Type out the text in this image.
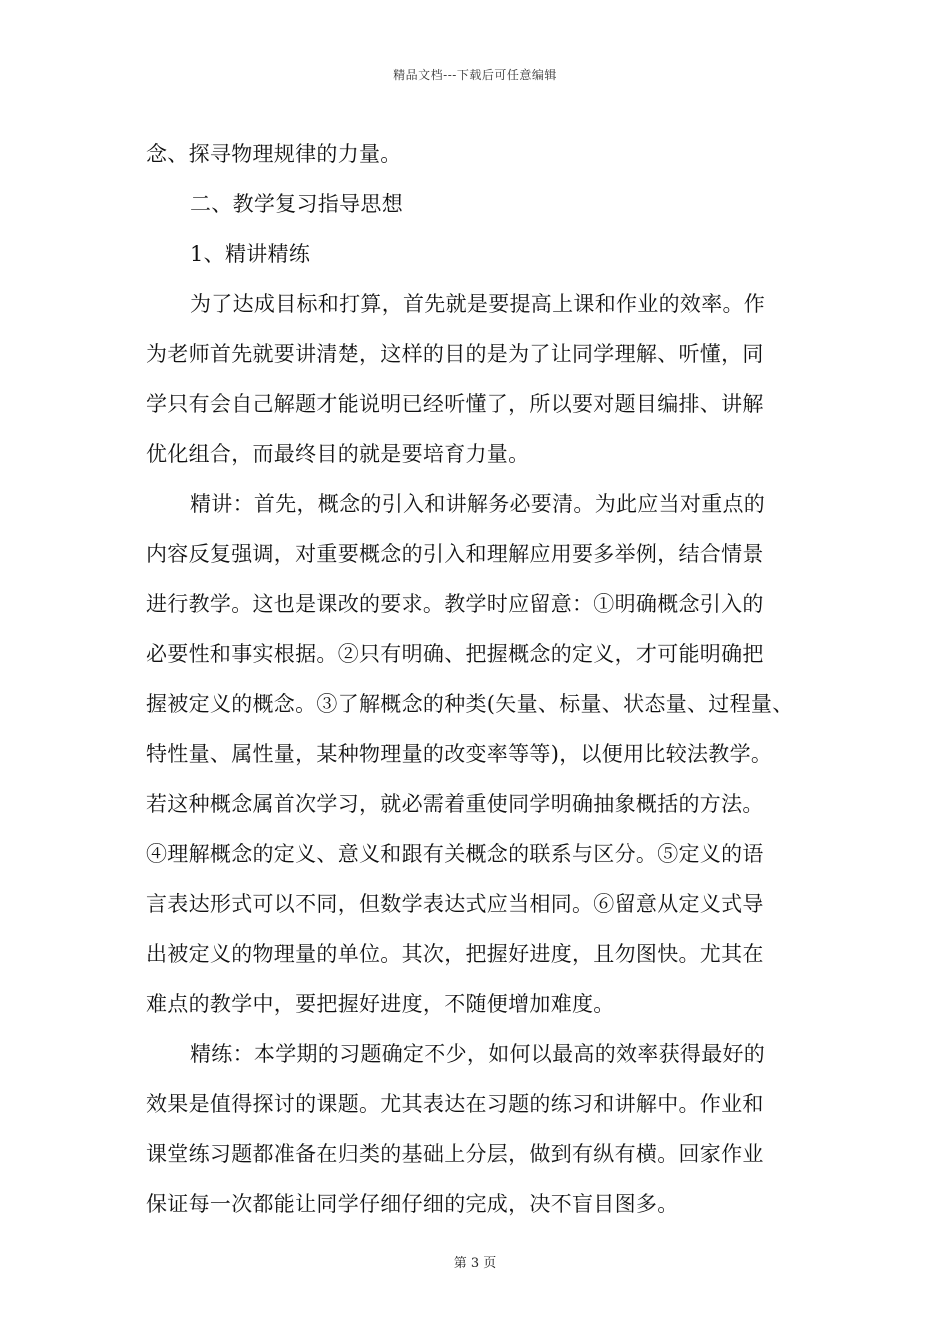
精品文档---下载后可任意编辑
念、探寻物理规律的力量。
二、教学复习指导思想
1、精讲精练
为了达成目标和打算，首先就是要提高上课和作业的效率。作
为老师首先就要讲清楚，这样的目的是为了让同学理解、听懂，同
学只有会自己解题才能说明已经听懂了，所以要对题目编排、讲解
优化组合，而最终目的就是要培育力量。
精讲：首先，概念的引入和讲解务必要清。为此应当对重点的
内容反复强调，对重要概念的引入和理解应用要多举例，结合情景
进行教学。这也是课改的要求。教学时应留意：①明确概念引入的
必要性和事实根据。②只有明确、把握概念的定义，才可能明确把
握被定义的概念。③了解概念的种类(矢量、标量、状态量、过程量、
特性量、属性量，某种物理量的改变率等等)，以便用比较法教学。
若这种概念属首次学习，就必需着重使同学明确抽象概括的方法。
④理解概念的定义、意义和跟有关概念的联系与区分。⑤定义的语
言表达形式可以不同，但数学表达式应当相同。⑥留意从定义式导
出被定义的物理量的单位。其次，把握好进度，且勿图快。尤其在
难点的教学中，要把握好进度，不随便增加难度。
精练：本学期的习题确定不少，如何以最高的效率获得最好的
效果是值得探讨的课题。尤其表达在习题的练习和讲解中。作业和
课堂练习题都准备在归类的基础上分层，做到有纵有横。回家作业
保证每一次都能让同学仔细仔细的完成，决不盲目图多。
第 3 页
